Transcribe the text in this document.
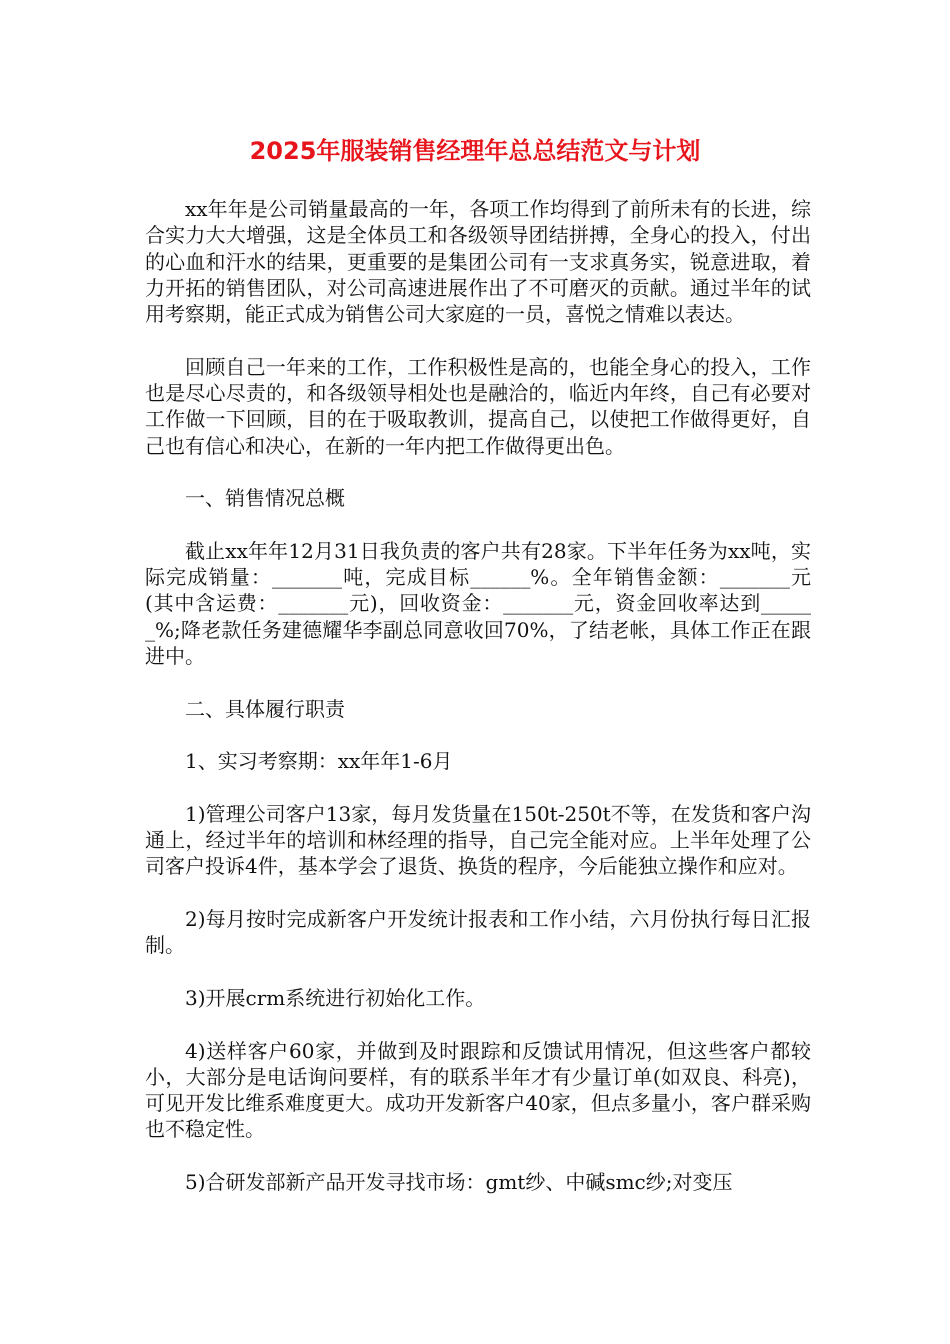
2025年服装销售经理年总总结范文与计划

xx年年是公司销量最高的一年，各项工作均得到了前所未有的长进，综合实力大大增强，这是全体员工和各级领导团结拼搏，全身心的投入，付出的心血和汗水的结果，更重要的是集团公司有一支求真务实，锐意进取，着力开拓的销售团队，对公司高速进展作出了不可磨灭的贡献。通过半年的试用考察期，能正式成为销售公司大家庭的一员，喜悦之情难以表达。

回顾自己一年来的工作，工作积极性是高的，也能全身心的投入，工作也是尽心尽责的，和各级领导相处也是融洽的，临近内年终，自己有必要对工作做一下回顾，目的在于吸取教训，提高自己，以使把工作做得更好，自己也有信心和决心，在新的一年内把工作做得更出色。

一、销售情况总概

截止xx年年12月31日我负责的客户共有28家。下半年任务为xx吨，实际完成销量：_______吨，完成目标______%。全年销售金额：_______元(其中含运费：_______元)，回收资金：_______元，资金回收率达到______%;降老款任务建德耀华李副总同意收回70%，了结老帐，具体工作正在跟进中。

二、具体履行职责

1、实习考察期：xx年年1-6月

1)管理公司客户13家，每月发货量在150t-250t不等，在发货和客户沟通上，经过半年的培训和林经理的指导，自己完全能对应。上半年处理了公司客户投诉4件，基本学会了退货、换货的程序，今后能独立操作和应对。

2)每月按时完成新客户开发统计报表和工作小结，六月份执行每日汇报制。

3)开展crm系统进行初始化工作。

4)送样客户60家，并做到及时跟踪和反馈试用情况，但这些客户都较小，大部分是电话询问要样，有的联系半年才有少量订单(如双良、科亮)，可见开发比维系难度更大。成功开发新客户40家，但点多量小，客户群采购也不稳定性。

5)合研发部新产品开发寻找市场：gmt纱、中碱smc纱;对变压
